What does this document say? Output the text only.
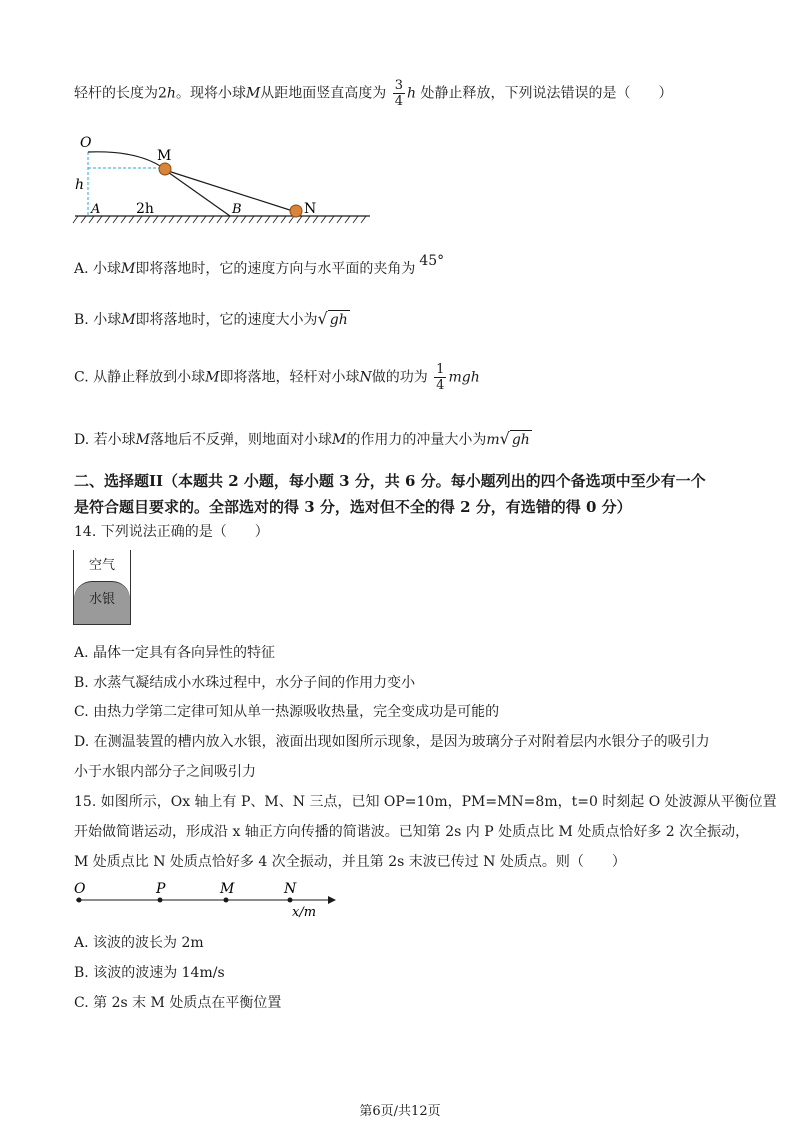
轻杆的长度为2h。现将小球M从距地面竖直高度为 $\frac{3}{4}$ h 处静止释放，下列说法错误的是（　　）
O
M
h
A	2h	B	N
A. 小球M即将落地时，它的速度方向与水平面的夹角为 45°
B. 小球M即将落地时，它的速度大小为√ gh
C. 从静止释放到小球M即将落地，轻杆对小球N做的功为 $\frac{1}{4}$ mgh
D. 若小球M落地后不反弹，则地面对小球M的作用力的冲量大小为m√ gh
二、选择题II（本题共 2 小题，每小题 3 分，共 6 分。每小题列出的四个备选项中至少有一个
是符合题目要求的。全部选对的得 3 分，选对但不全的得 2 分，有选错的得 0 分）
14. 下列说法正确的是（　　）
空气
水银
A. 晶体一定具有各向异性的特征
B. 水蒸气凝结成小水珠过程中，水分子间的作用力变小
C. 由热力学第二定律可知从单一热源吸收热量，完全变成功是可能的
D. 在测温装置的槽内放入水银，液面出现如图所示现象，是因为玻璃分子对附着层内水银分子的吸引力
小于水银内部分子之间吸引力
15. 如图所示，Ox 轴上有 P、M、N 三点，已知 OP=10m，PM=MN=8m，t=0 时刻起 O 处波源从平衡位置
开始做简谐运动，形成沿 x 轴正方向传播的简谐波。已知第 2s 内 P 处质点比 M 处质点恰好多 2 次全振动，
M 处质点比 N 处质点恰好多 4 次全振动，并且第 2s 末波已传过 N 处质点。则（　　）
O	P	M	N
x/m
A. 该波的波长为 2m
B. 该波的波速为 14m/s
C. 第 2s 末 M 处质点在平衡位置
第6页/共12页
